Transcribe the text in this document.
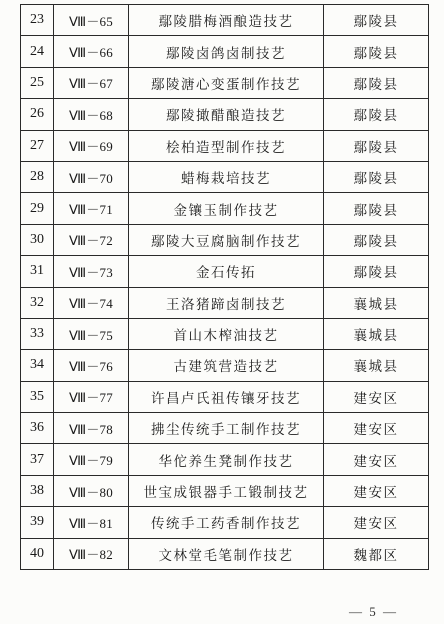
23	Ⅷ－65	鄢陵腊梅酒酿造技艺	鄢陵县
24	Ⅷ－66	鄢陵卤鸽卤制技艺	鄢陵县
25	Ⅷ－67	鄢陵溏心变蛋制作技艺	鄢陵县
26	Ⅷ－68	鄢陵撖醋酿造技艺	鄢陵县
27	Ⅷ－69	桧柏造型制作技艺	鄢陵县
28	Ⅷ－70	蜡梅栽培技艺	鄢陵县
29	Ⅷ－71	金镶玉制作技艺	鄢陵县
30	Ⅷ－72	鄢陵大豆腐脑制作技艺	鄢陵县
31	Ⅷ－73	金石传拓	鄢陵县
32	Ⅷ－74	王洛猪蹄卤制技艺	襄城县
33	Ⅷ－75	首山木榨油技艺	襄城县
34	Ⅷ－76	古建筑营造技艺	襄城县
35	Ⅷ－77	许昌卢氏祖传镶牙技艺	建安区
36	Ⅷ－78	拂尘传统手工制作技艺	建安区
37	Ⅷ－79	华佗养生凳制作技艺	建安区
38	Ⅷ－80	世宝成银器手工锻制技艺	建安区
39	Ⅷ－81	传统手工药香制作技艺	建安区
40	Ⅷ－82	文林堂毛笔制作技艺	魏都区
— 5 —
